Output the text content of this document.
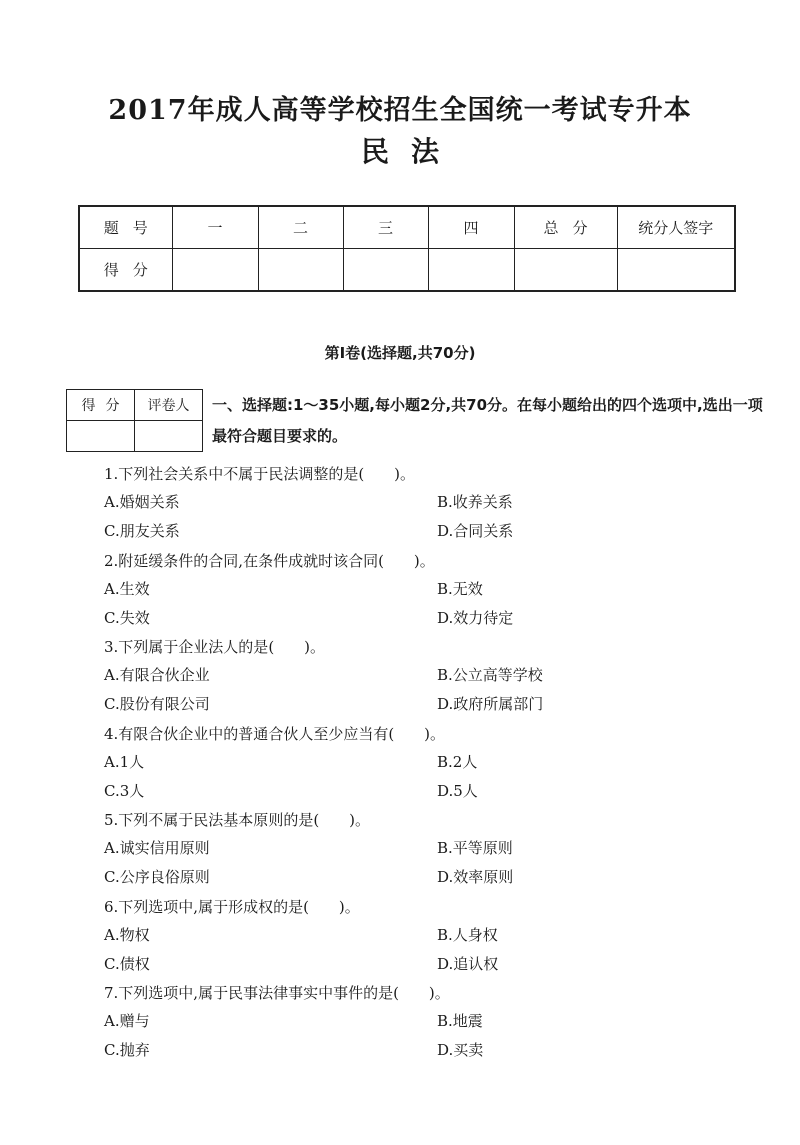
2017年成人高等学校招生全国统一考试专升本
民法
题号	一	二	三	四	总分	统分人签字
得分						
第Ⅰ卷(选择题,共70分)
得分	评卷人
	一、选择题:1～35小题,每小题2分,共70分。在每小题给出的四个选项中,选出一项最符合题目要求的。
1.下列社会关系中不属于民法调整的是(　　)。
A.婚姻关系	B.收养关系
C.朋友关系	D.合同关系
2.附延缓条件的合同,在条件成就时该合同(　　)。
A.生效	B.无效
C.失效	D.效力待定
3.下列属于企业法人的是(　　)。
A.有限合伙企业	B.公立高等学校
C.股份有限公司	D.政府所属部门
4.有限合伙企业中的普通合伙人至少应当有(　　)。
A.1人	B.2人
C.3人	D.5人
5.下列不属于民法基本原则的是(　　)。
A.诚实信用原则	B.平等原则
C.公序良俗原则	D.效率原则
6.下列选项中,属于形成权的是(　　)。
A.物权	B.人身权
C.债权	D.追认权
7.下列选项中,属于民事法律事实中事件的是(　　)。
A.赠与	B.地震
C.抛弃	D.买卖
